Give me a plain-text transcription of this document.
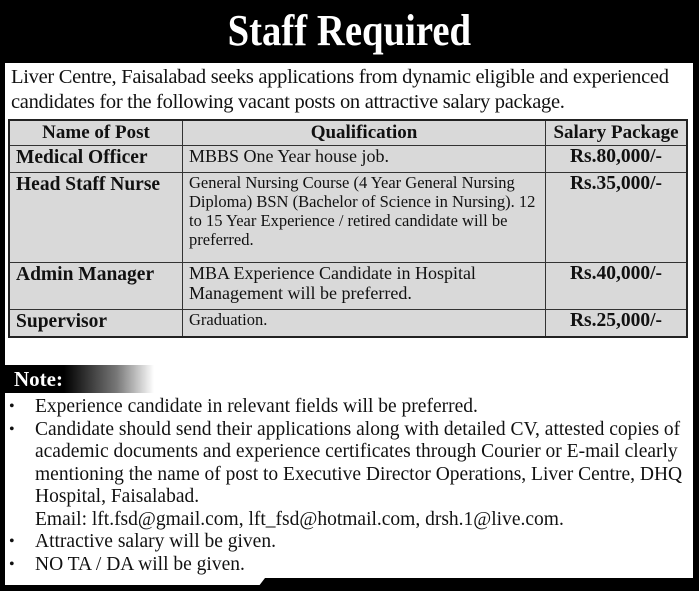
Staff Required
Liver Centre, Faisalabad seeks applications from dynamic eligible and experienced candidates for the following vacant posts on attractive salary package.
Name of Post	Qualification	Salary Package
Medical Officer	MBBS One Year house job.	Rs.80,000/-
Head Staff Nurse	General Nursing Course (4 Year General Nursing Diploma) BSN (Bachelor of Science in Nursing). 12 to 15 Year Experience / retired candidate will be preferred.	Rs.35,000/-
Admin Manager	MBA Experience Candidate in Hospital Management will be preferred.	Rs.40,000/-
Supervisor	Graduation.	Rs.25,000/-
Note:
• Experience candidate in relevant fields will be preferred.
• Candidate should send their applications along with detailed CV, attested copies of academic documents and experience certificates through Courier or E-mail clearly mentioning the name of post to Executive Director Operations, Liver Centre, DHQ Hospital, Faisalabad.
Email: lft.fsd@gmail.com, lft_fsd@hotmail.com, drsh.1@live.com.
• Attractive salary will be given.
• NO TA / DA will be given.
